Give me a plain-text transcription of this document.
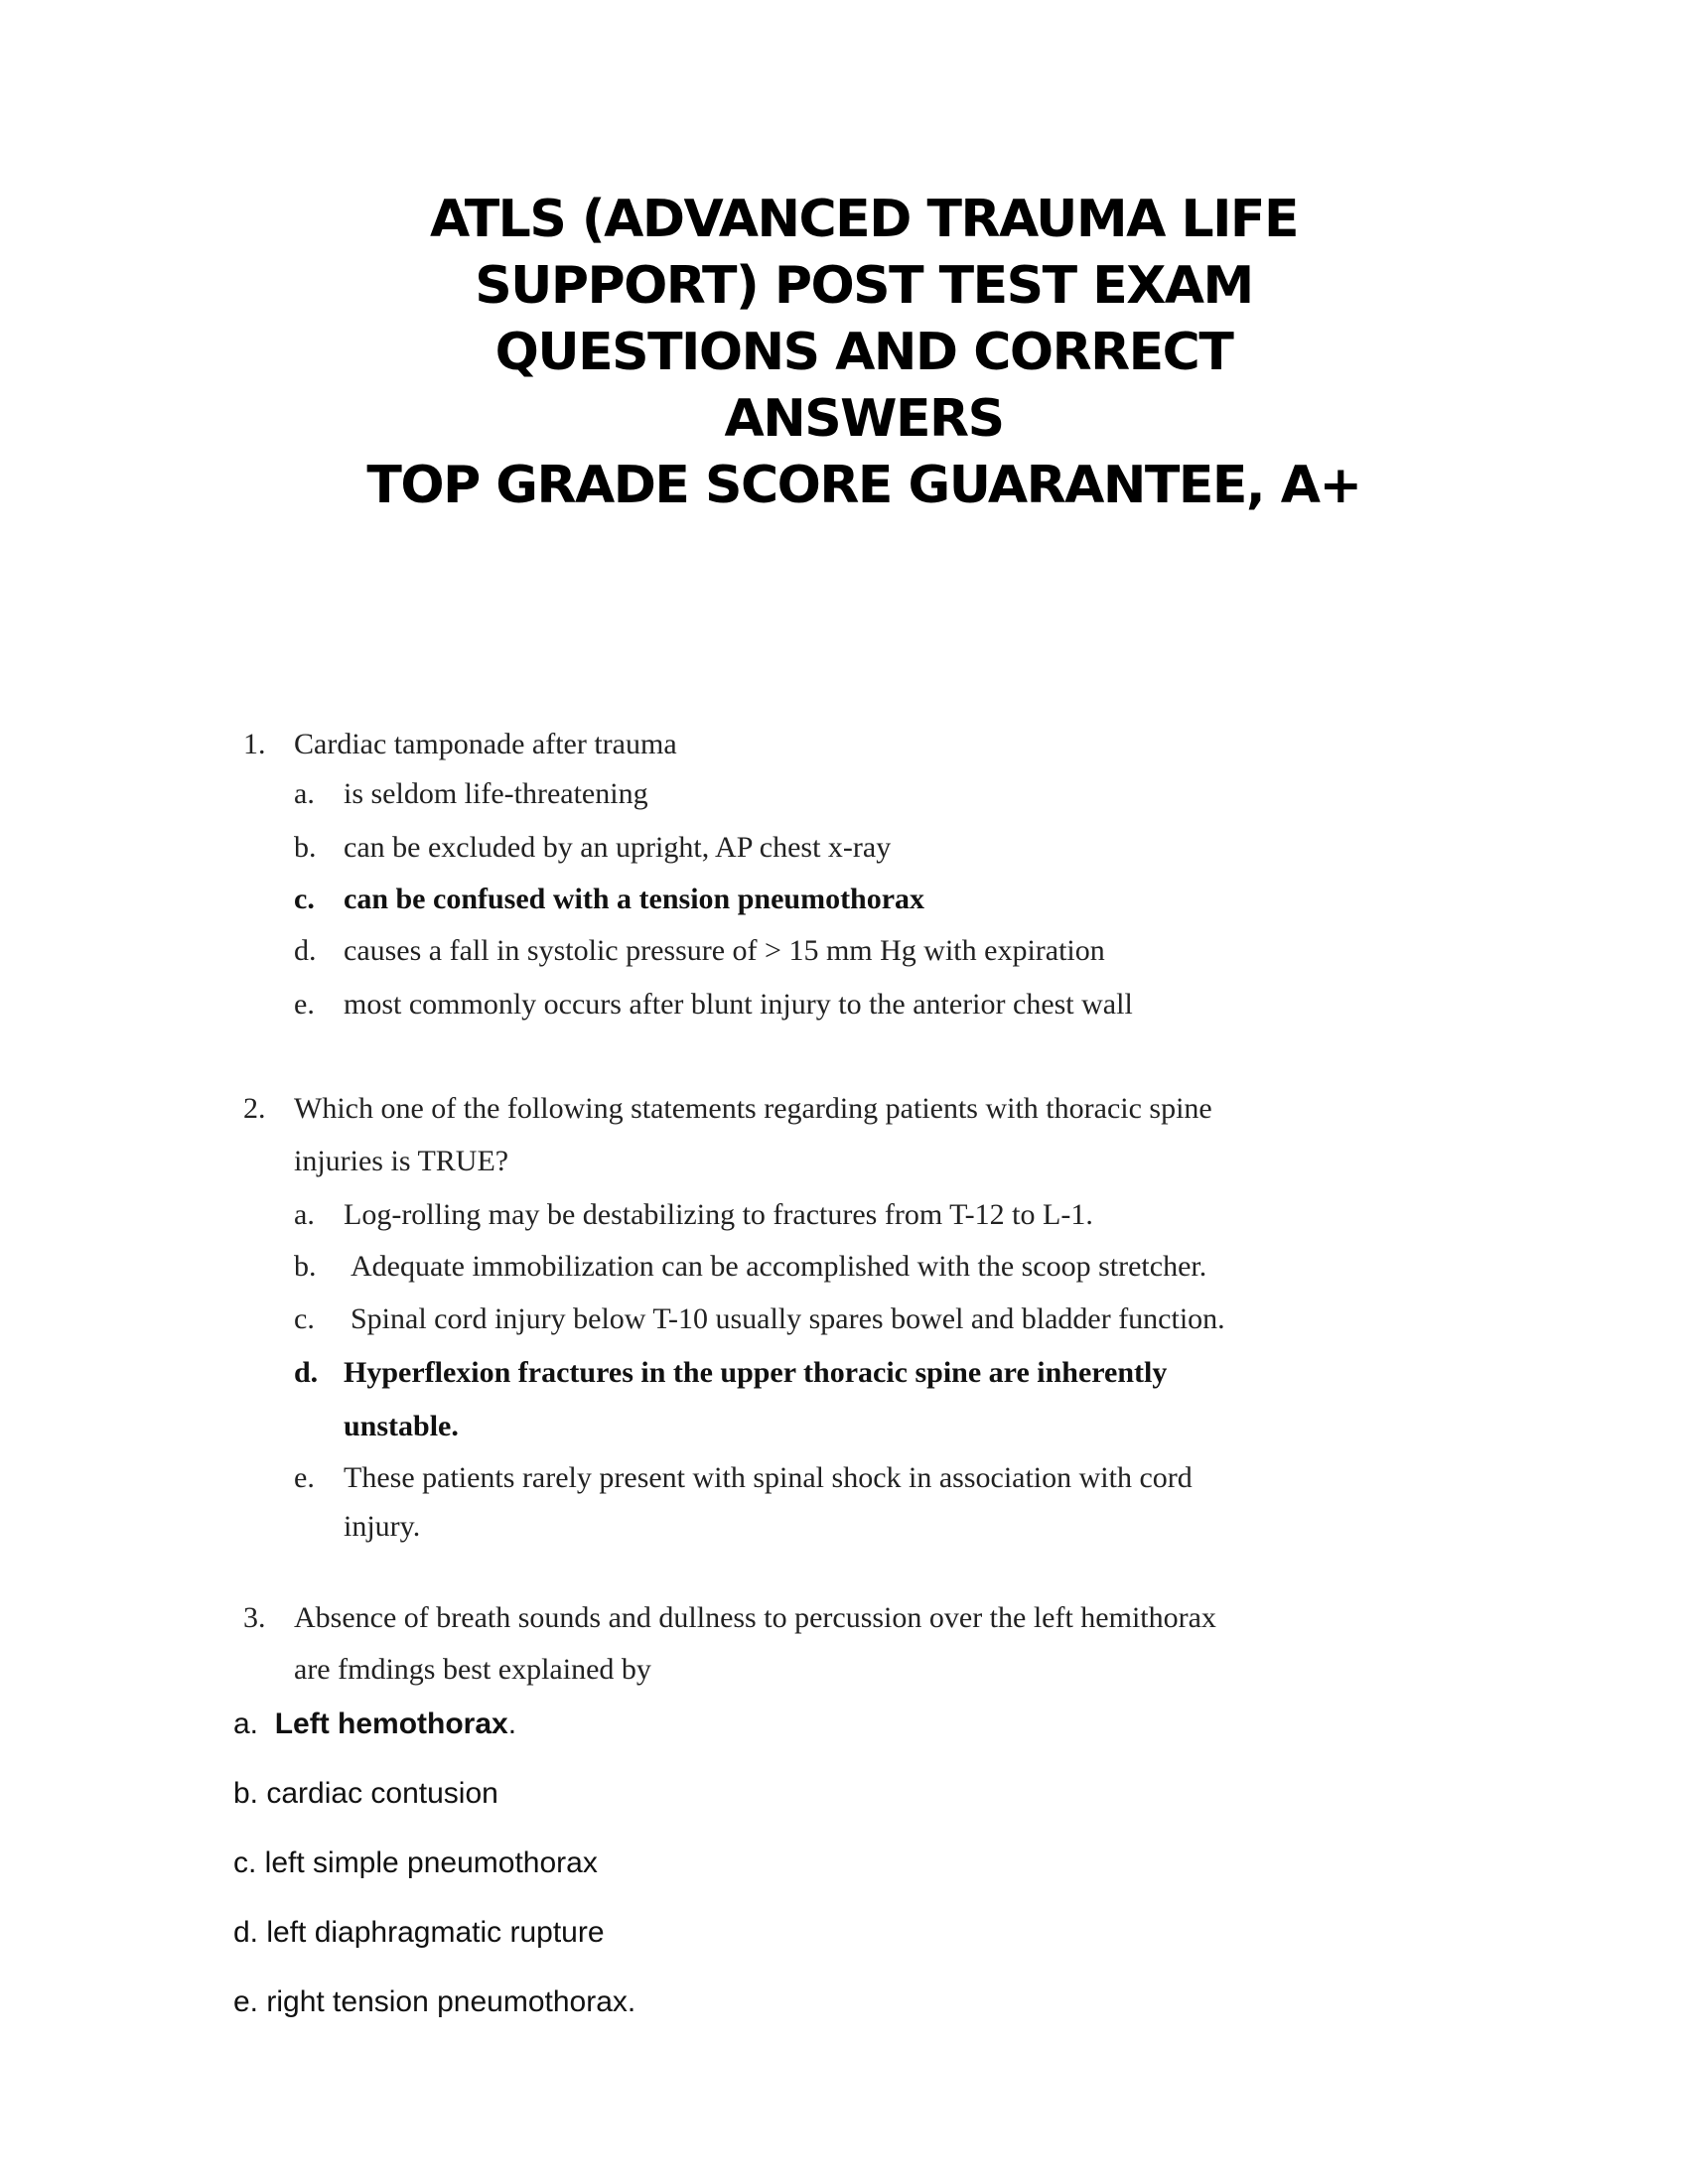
ATLS (ADVANCED TRAUMA LIFE
SUPPORT) POST TEST EXAM
QUESTIONS AND CORRECT
ANSWERS
TOP GRADE SCORE GUARANTEE, A+
1. Cardiac tamponade after trauma
a. is seldom life-threatening
b. can be excluded by an upright, AP chest x-ray
c. can be confused with a tension pneumothorax
d. causes a fall in systolic pressure of > 15 mm Hg with expiration
e. most commonly occurs after blunt injury to the anterior chest wall
2. Which one of the following statements regarding patients with thoracic spine
injuries is TRUE?
a. Log-rolling may be destabilizing to fractures from T-12 to L-1.
b. Adequate immobilization can be accomplished with the scoop stretcher.
c. Spinal cord injury below T-10 usually spares bowel and bladder function.
d. Hyperflexion fractures in the upper thoracic spine are inherently
unstable.
e. These patients rarely present with spinal shock in association with cord
injury.
3. Absence of breath sounds and dullness to percussion over the left hemithorax
are fmdings best explained by
a. Left hemothorax.
b. cardiac contusion
c. left simple pneumothorax
d. left diaphragmatic rupture
e. right tension pneumothorax.
